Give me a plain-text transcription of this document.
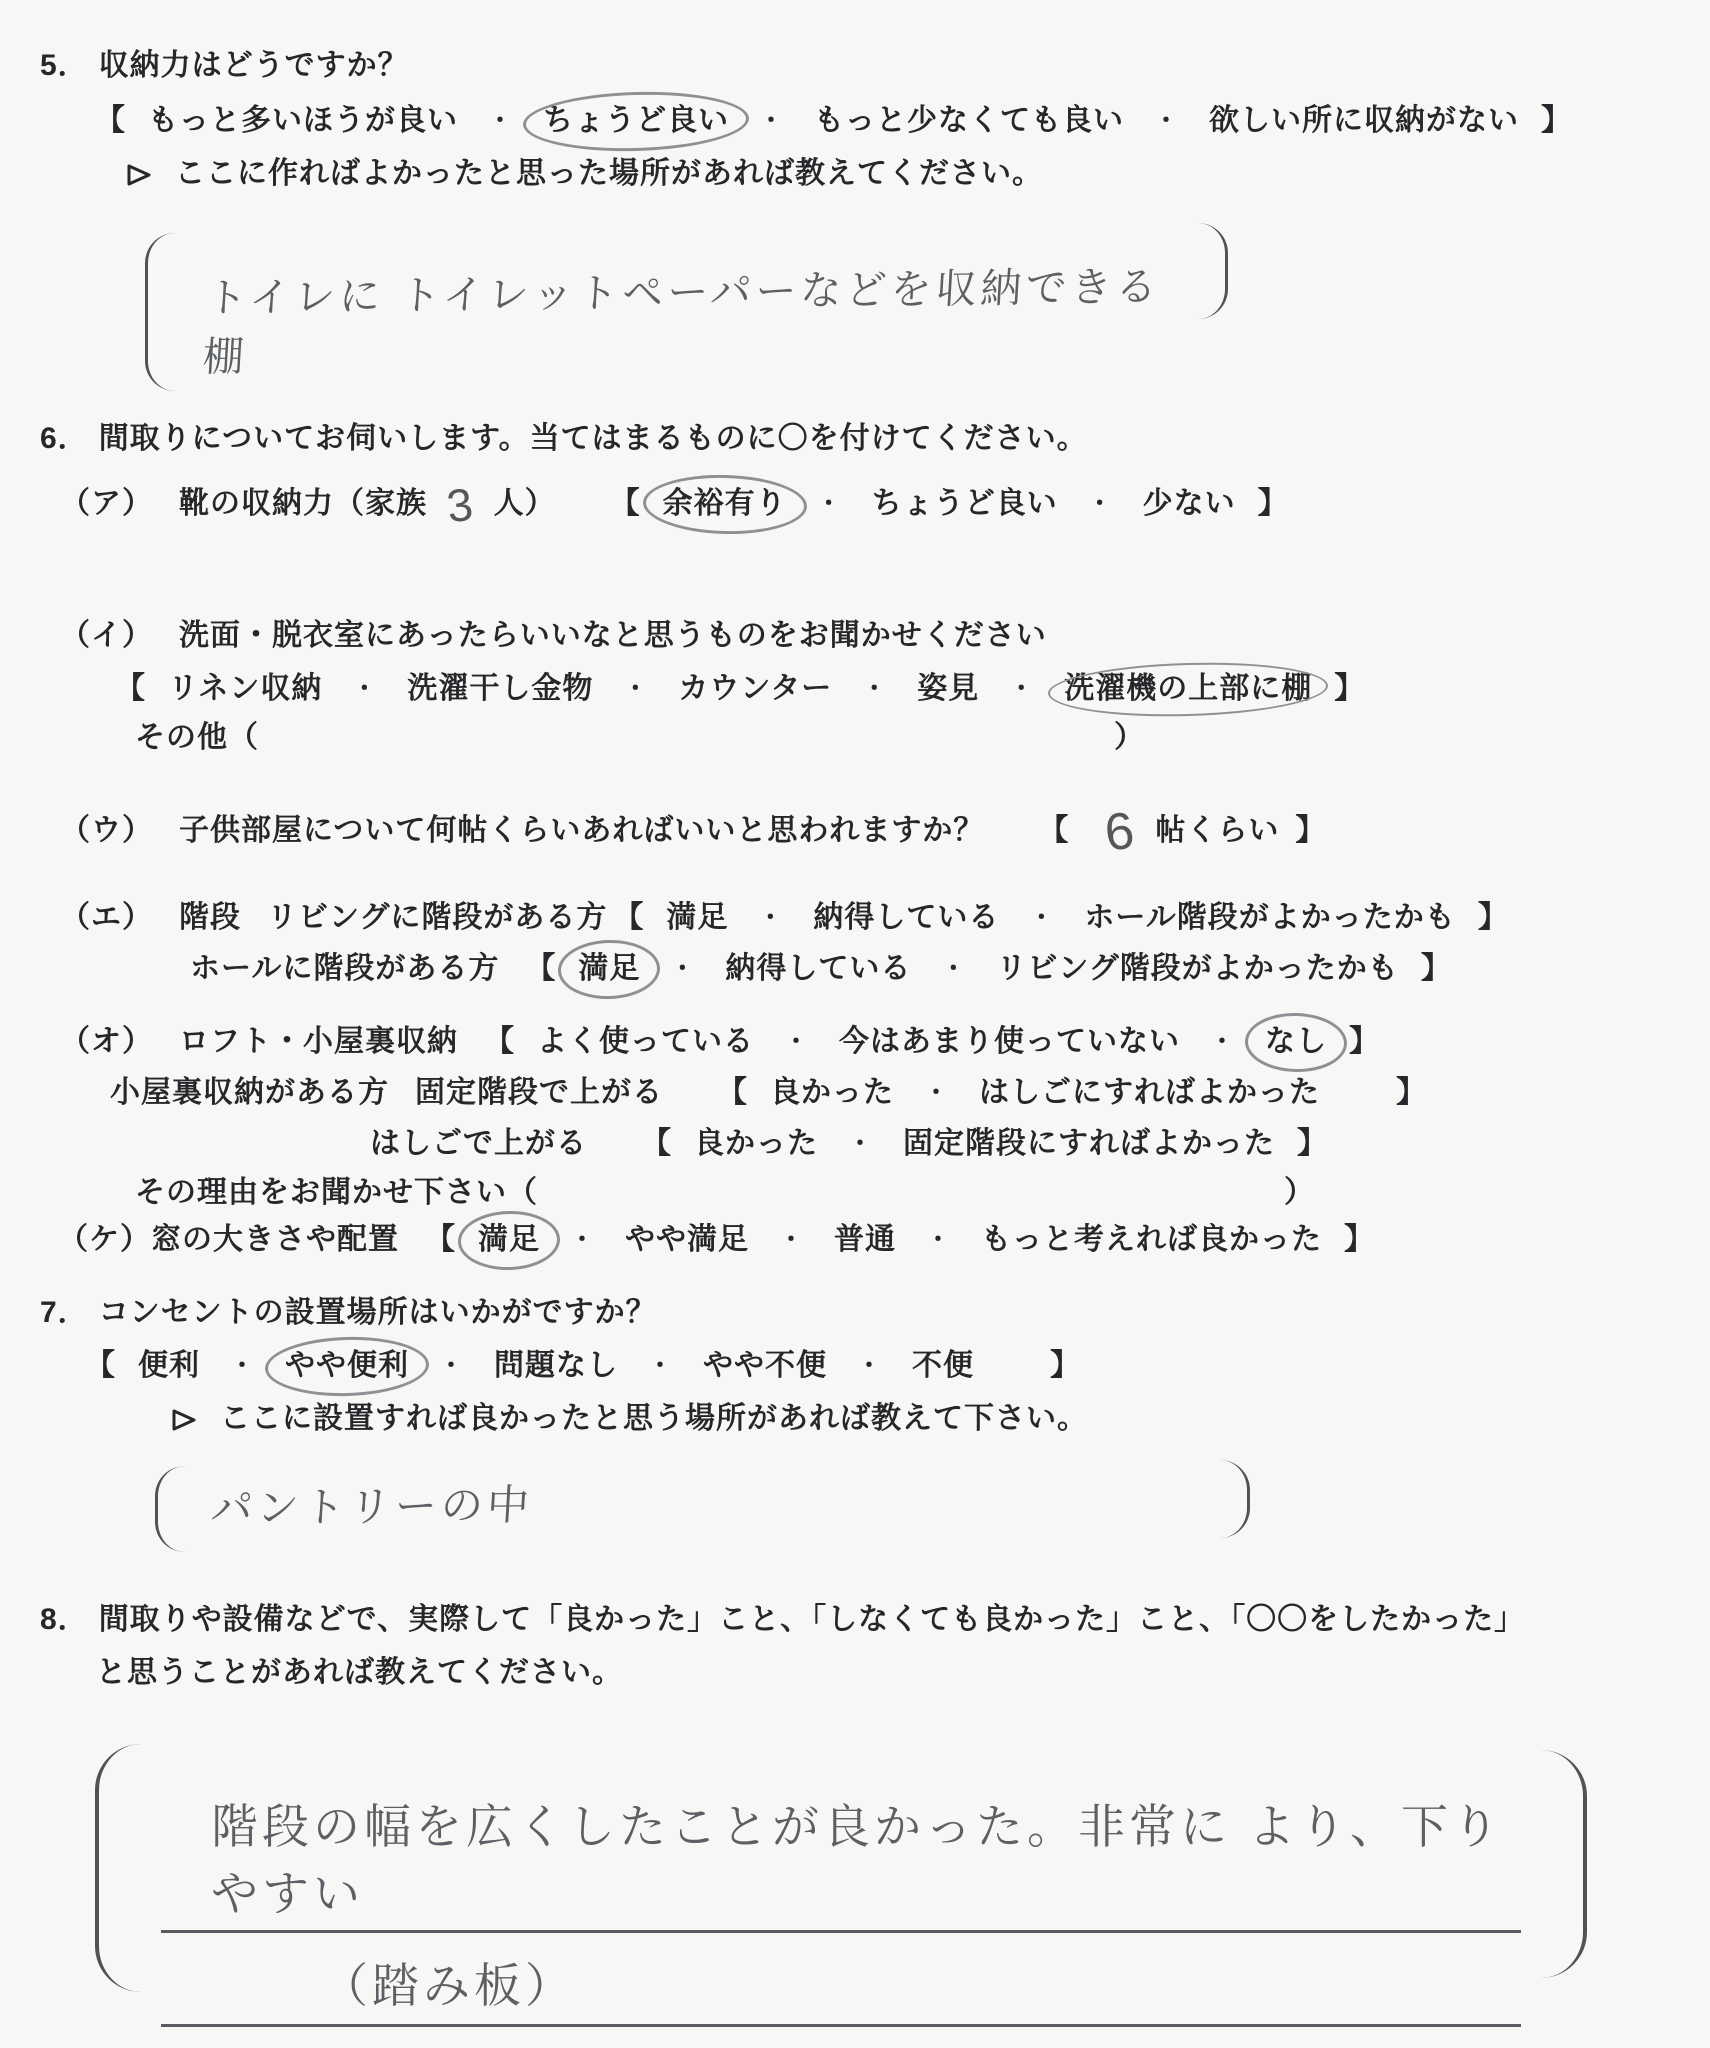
5． 収納力はどうですか？
【 もっと多いほうが良い	・	ちょうど良い	・	もっと少なくても良い	・	欲しい所に収納がない 】
ここに作ればよかったと思った場所があれば教えてください。
トイレに トイレットペーパーなどを収納できる棚
6． 間取りについてお伺いします。当てはまるものに〇を付けてください。
（ア） 靴の収納力（家族 3 人） 【 余裕有り	・	ちょうど良い	・	少ない 】
（イ） 洗面・脱衣室にあったらいいなと思うものをお聞かせください
【 リネン収納	・	洗濯干し金物	・	カウンター	・	姿見	・	洗濯機の上部に棚 】
その他（	）
（ウ） 子供部屋について何帖くらいあればいいと思われますか？ 【 6 帖くらい 】
（エ） 階段 リビングに階段がある方 【 満足	・	納得している	・	ホール階段がよかったかも 】
ホールに階段がある方 【 満足	・	納得している	・	リビング階段がよかったかも 】
（オ） ロフト・小屋裏収納 【 よく使っている	・	今はあまり使っていない	・	なし 】
小屋裏収納がある方 固定階段で上がる 【 良かった	・	はしごにすればよかった	】
はしごで上がる 【 良かった	・	固定階段にすればよかった 】
その理由をお聞かせ下さい（	）
（ケ） 窓の大きさや配置 【 満足	・	やや満足	・	普通	・	もっと考えれば良かった 】
7． コンセントの設置場所はいかがですか？
【 便利	・	やや便利	・	問題なし	・	やや不便	・	不便	】
ここに設置すれば良かったと思う場所があれば教えて下さい。
パントリーの中
8． 間取りや設備などで、実際して「良かった」こと、「しなくても良かった」こと、「〇〇をしたかった」
と思うことがあれば教えてください。
階段の幅を広くしたことが良かった。非常に より、下りやすい
（踏み板）
